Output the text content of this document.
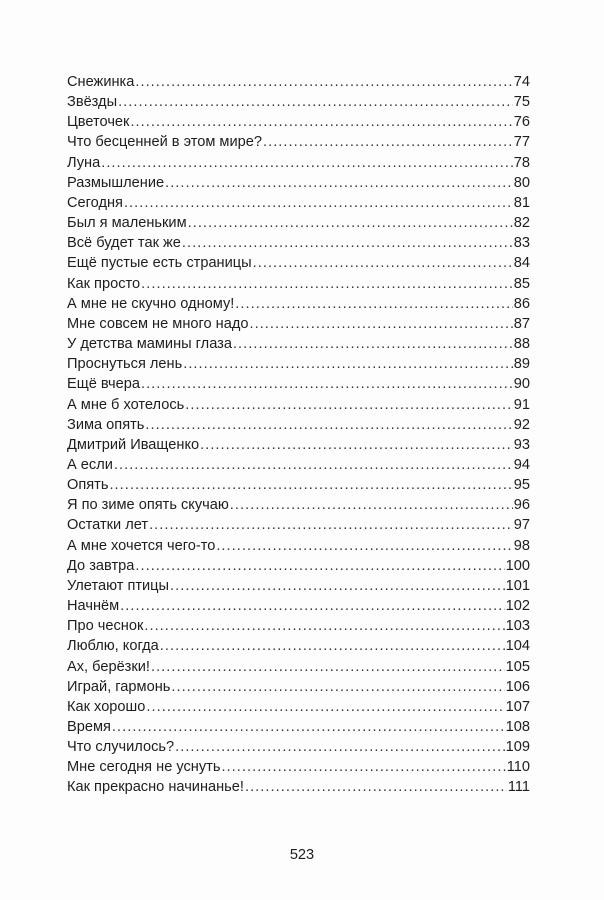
Снежинка . . .	74
Звёзды . . .	75
Цветочек . . .	76
Что бесценней в этом мире? . . .	77
Луна . . .	78
Размышление . . .	80
Сегодня . . .	81
Был я маленьким . . .	82
Всё будет так же . . .	83
Ещё пустые есть страницы . . .	84
Как просто . . .	85
А мне не скучно одному! . . .	86
Мне совсем не много надо . . .	87
У детства мамины глаза . . .	88
Проснуться лень . . .	89
Ещё вчера . . .	90
А мне б хотелось . . .	91
Зима опять . . .	92
Дмитрий Иващенко . . .	93
А если . . .	94
Опять . . .	95
Я по зиме опять скучаю . . .	96
Остатки лет . . .	97
А мне хочется чего-то . . .	98
До завтра . . .	100
Улетают птицы . . .	101
Начнём . . .	102
Про чеснок . . .	103
Люблю, когда . . .	104
Ах, берёзки! . . .	105
Играй, гармонь . . .	106
Как хорошо . . .	107
Время . . .	108
Что случилось? . . .	109
Мне сегодня не уснуть . . .	110
Как прекрасно начинанье! . . .	111
523
